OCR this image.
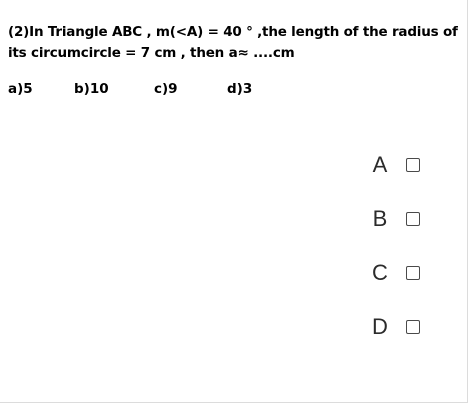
(2)In Triangle ABC , m(<A) = 40 ° ,the length of the radius of
its circumcircle = 7 cm , then a≈ ....cm
a)5	b)10	c)9	d)3
A
B
C
D
